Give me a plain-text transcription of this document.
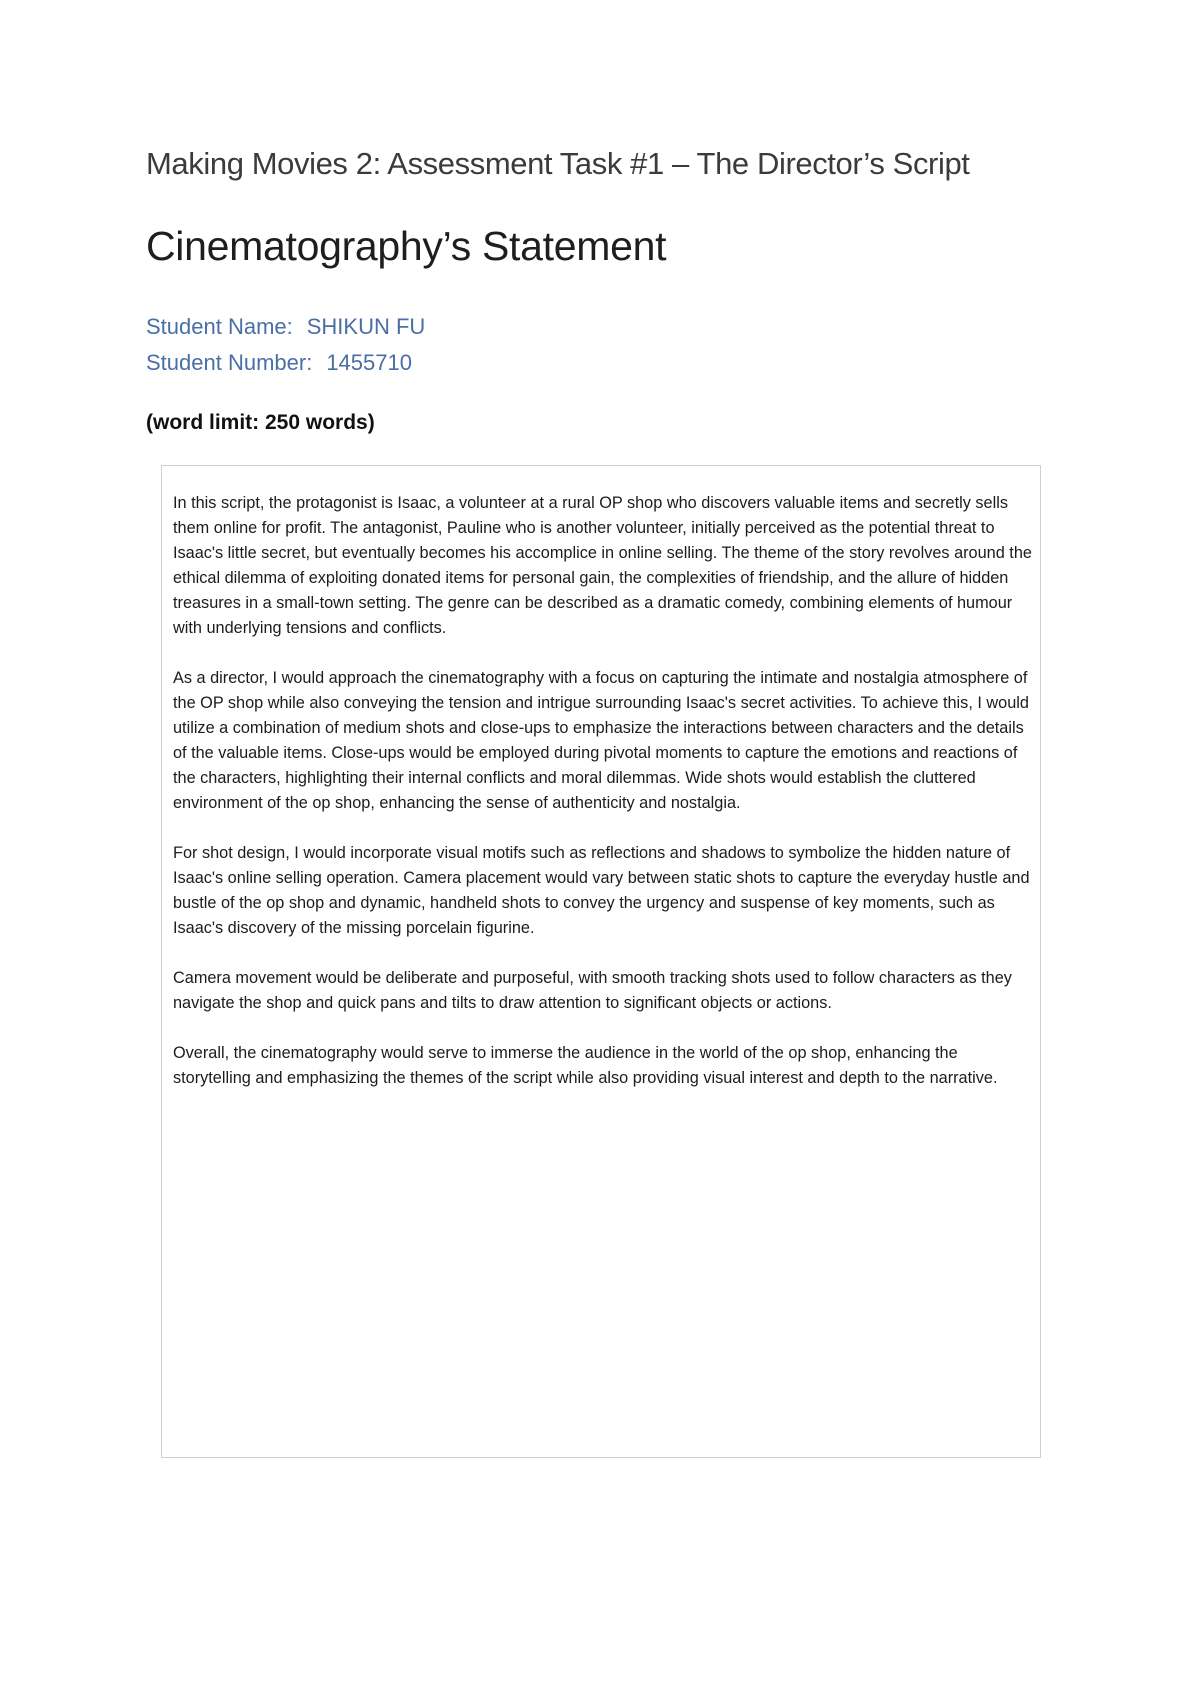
Making Movies 2: Assessment Task #1 – The Director’s Script
Cinematography’s Statement
Student Name: SHIKUN FU
Student Number: 1455710

(word limit: 250 words)

In this script, the protagonist is Isaac, a volunteer at a rural OP shop who discovers valuable items and secretly sells them online for profit. The antagonist, Pauline who is another volunteer, initially perceived as the potential threat to Isaac's little secret, but eventually becomes his accomplice in online selling. The theme of the story revolves around the ethical dilemma of exploiting donated items for personal gain, the complexities of friendship, and the allure of hidden treasures in a small-town setting. The genre can be described as a dramatic comedy, combining elements of humour with underlying tensions and conflicts.

As a director, I would approach the cinematography with a focus on capturing the intimate and nostalgia atmosphere of the OP shop while also conveying the tension and intrigue surrounding Isaac's secret activities. To achieve this, I would utilize a combination of medium shots and close-ups to emphasize the interactions between characters and the details of the valuable items. Close-ups would be employed during pivotal moments to capture the emotions and reactions of the characters, highlighting their internal conflicts and moral dilemmas. Wide shots would establish the cluttered environment of the op shop, enhancing the sense of authenticity and nostalgia.

For shot design, I would incorporate visual motifs such as reflections and shadows to symbolize the hidden nature of Isaac's online selling operation. Camera placement would vary between static shots to capture the everyday hustle and bustle of the op shop and dynamic, handheld shots to convey the urgency and suspense of key moments, such as Isaac's discovery of the missing porcelain figurine.

Camera movement would be deliberate and purposeful, with smooth tracking shots used to follow characters as they navigate the shop and quick pans and tilts to draw attention to significant objects or actions.

Overall, the cinematography would serve to immerse the audience in the world of the op shop, enhancing the storytelling and emphasizing the themes of the script while also providing visual interest and depth to the narrative.
